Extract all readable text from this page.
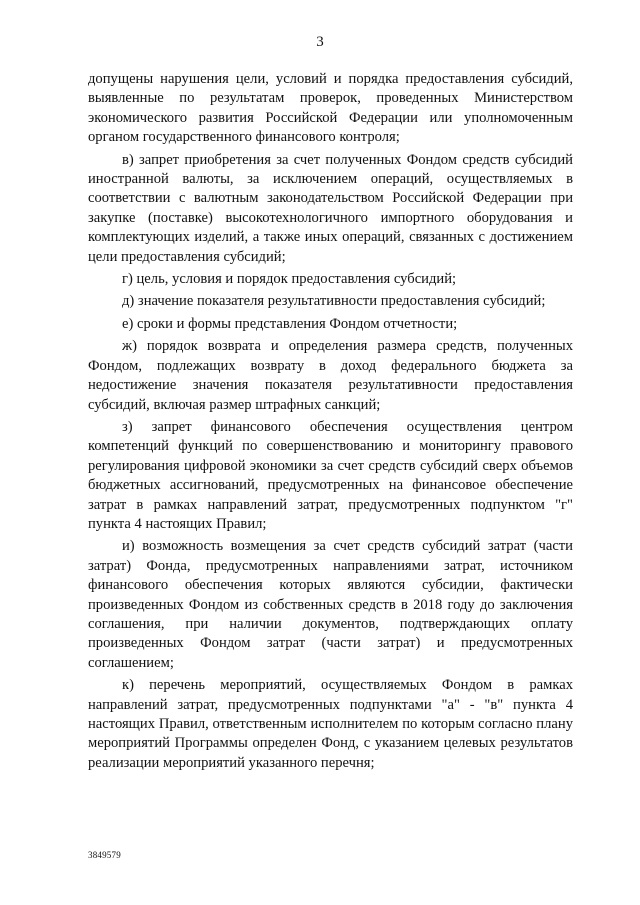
3

допущены нарушения цели, условий и порядка предоставления субсидий, выявленные по результатам проверок, проведенных Министерством экономического развития Российской Федерации или уполномоченным органом государственного финансового контроля;

в) запрет приобретения за счет полученных Фондом средств субсидий иностранной валюты, за исключением операций, осуществляемых в соответствии с валютным законодательством Российской Федерации при закупке (поставке) высокотехнологичного импортного оборудования и комплектующих изделий, а также иных операций, связанных с достижением цели предоставления субсидий;

г) цель, условия и порядок предоставления субсидий;

д) значение показателя результативности предоставления субсидий;

е) сроки и формы представления Фондом отчетности;

ж) порядок возврата и определения размера средств, полученных Фондом, подлежащих возврату в доход федерального бюджета за недостижение значения показателя результативности предоставления субсидий, включая размер штрафных санкций;

з) запрет финансового обеспечения осуществления центром компетенций функций по совершенствованию и мониторингу правового регулирования цифровой экономики за счет средств субсидий сверх объемов бюджетных ассигнований, предусмотренных на финансовое обеспечение затрат в рамках направлений затрат, предусмотренных подпунктом "г" пункта 4 настоящих Правил;

и) возможность возмещения за счет средств субсидий затрат (части затрат) Фонда, предусмотренных направлениями затрат, источником финансового обеспечения которых являются субсидии, фактически произведенных Фондом из собственных средств в 2018 году до заключения соглашения, при наличии документов, подтверждающих оплату произведенных Фондом затрат (части затрат) и предусмотренных соглашением;

к) перечень мероприятий, осуществляемых Фондом в рамках направлений затрат, предусмотренных подпунктами "а" - "в" пункта 4 настоящих Правил, ответственным исполнителем по которым согласно плану мероприятий Программы определен Фонд, с указанием целевых результатов реализации мероприятий указанного перечня;

3849579
